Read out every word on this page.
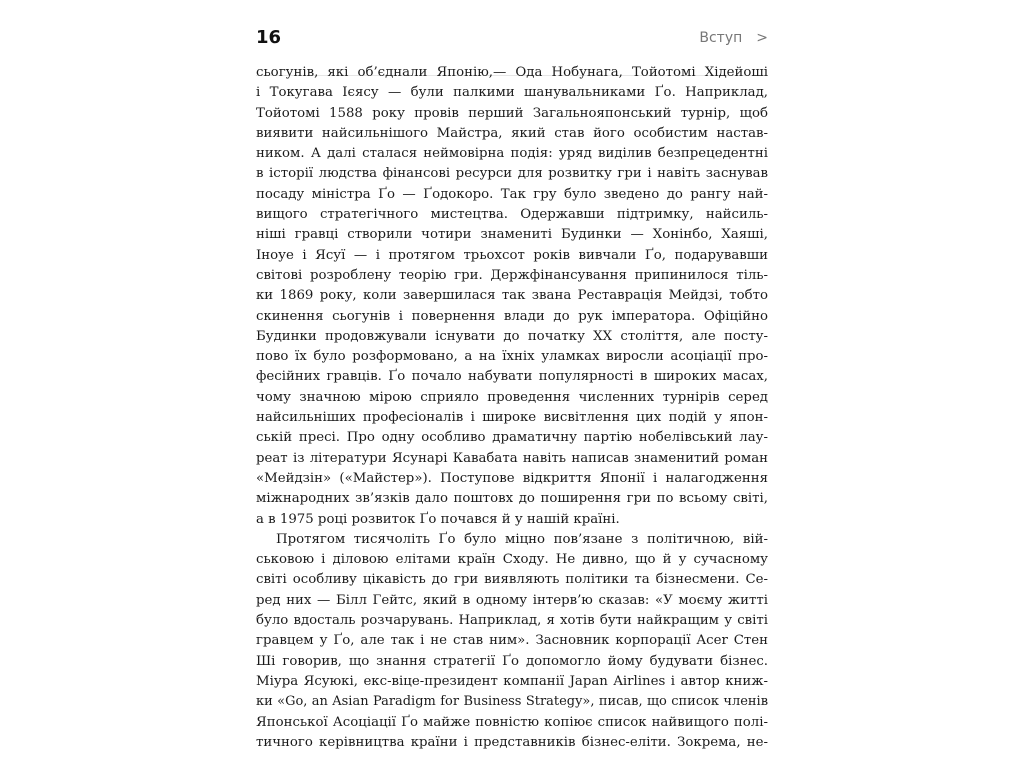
16	Вступ >
сьогунів, які об’єднали Японію,— Ода Нобунага, Тойотомі Хідейоші
і Токугава Ієясу — були палкими шанувальниками Ґо. Наприклад,
Тойотомі 1588 року провів перший Загальнояпонський турнір, щоб
виявити найсильнішого Майстра, який став його особистим настав-
ником. А далі сталася неймовірна подія: уряд виділив безпрецедентні
в історії людства фінансові ресурси для розвитку гри і навіть заснував
посаду міністра Ґо — Ґодокоро. Так гру було зведено до рангу най-
вищого стратегічного мистецтва. Одержавши підтримку, найсиль-
ніші гравці створили чотири знамениті Будинки — Хонінбо, Хаяші,
Іноуе і Ясуї — і протягом трьохсот років вивчали Ґо, подарувавши
світові розроблену теорію гри. Держфінансування припинилося тіль-
ки 1869 року, коли завершилася так звана Реставрація Мейдзі, тобто
скинення сьогунів і повернення влади до рук імператора. Офіційно
Будинки продовжували існувати до початку XX століття, але посту-
пово їх було розформовано, а на їхніх уламках виросли асоціації про-
фесійних гравців. Ґо почало набувати популярності в широких масах,
чому значною мірою сприяло проведення численних турнірів серед
найсильніших професіоналів і широке висвітлення цих подій у япон-
ській пресі. Про одну особливо драматичну партію нобелівський лау-
реат із літератури Ясунарі Кавабата навіть написав знаменитий роман
«Мейдзін» («Майстер»). Поступове відкриття Японії і налагодження
міжнародних зв’язків дало поштовх до поширення гри по всьому світі,
а в 1975 році розвиток Ґо почався й у нашій країні.
Протягом тисячоліть Ґо було міцно пов’язане з політичною, вій-
ськовою і діловою елітами країн Сходу. Не дивно, що й у сучасному
світі особливу цікавість до гри виявляють політики та бізнесмени. Се-
ред них — Білл Гейтс, який в одному інтерв’ю сказав: «У моєму житті
було вдосталь розчарувань. Наприклад, я хотів бути найкращим у світі
гравцем у Ґо, але так і не став ним». Засновник корпорації Acer Стен
Ші говорив, що знання стратегії Ґо допомогло йому будувати бізнес.
Міура Ясуюкі, екс-віце-президент компанії Japan Airlines і автор книж-
ки «Go, an Asian Paradigm for Business Strategy», писав, що список членів
Японської Асоціації Ґо майже повністю копіює список найвищого полі-
тичного керівництва країни і представників бізнес-еліти. Зокрема, не-
